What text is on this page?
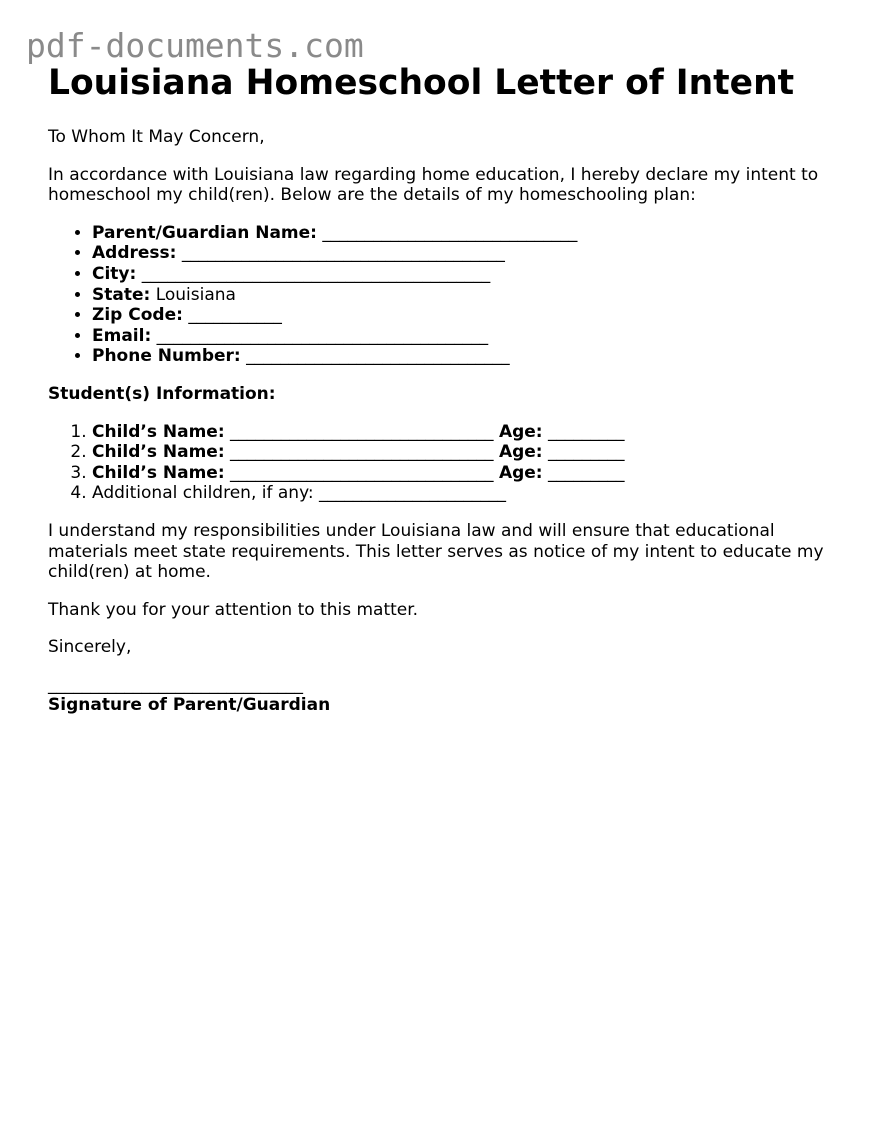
pdf-documents.com
Louisiana Homeschool Letter of Intent

To Whom It May Concern,

In accordance with Louisiana law regarding home education, I hereby declare my intent to homeschool my child(ren). Below are the details of my homeschooling plan:

• Parent/Guardian Name: ______________________________
• Address: ______________________________________
• City: _________________________________________
• State: Louisiana
• Zip Code: ___________
• Email: _______________________________________
• Phone Number: _______________________________

Student(s) Information:

1. Child’s Name: _______________________________ Age: _________
2. Child’s Name: _______________________________ Age: _________
3. Child’s Name: _______________________________ Age: _________
4. Additional children, if any: ______________________

I understand my responsibilities under Louisiana law and will ensure that educational materials meet state requirements. This letter serves as notice of my intent to educate my child(ren) at home.

Thank you for your attention to this matter.

Sincerely,

______________________________

Signature of Parent/Guardian
